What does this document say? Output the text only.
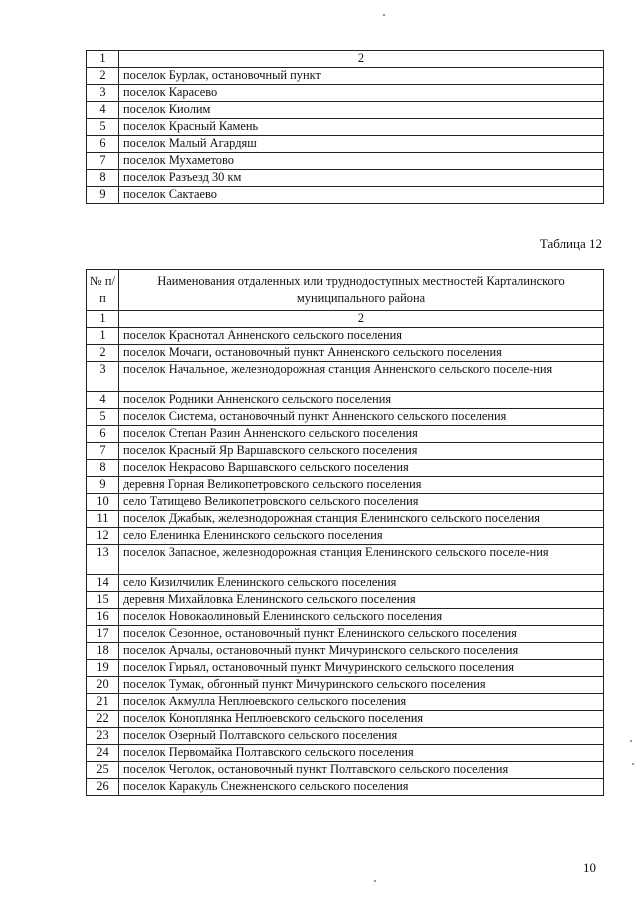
1	2
2	поселок Бурлак, остановочный пункт
3	поселок Карасево
4	поселок Киолим
5	поселок Красный Камень
6	поселок Малый Агардяш
7	поселок Мухаметово
8	поселок Разъезд 30 км
9	поселок Сактаево
Таблица 12
№ п/п	Наименования отдаленных или труднодоступных местностей Карталинского муниципального района
1	2
1	поселок Краснотал Анненского сельского поселения
2	поселок Мочаги, остановочный пункт Анненского сельского поселения
3	поселок Начальное, железнодорожная станция Анненского сельского поселе-ния
4	поселок Родники Анненского сельского поселения
5	поселок Система, остановочный пункт Анненского сельского поселения
6	поселок Степан Разин Анненского сельского поселения
7	поселок Красный Яр Варшавского сельского поселения
8	поселок Некрасово Варшавского сельского поселения
9	деревня Горная Великопетровского сельского поселения
10	село Татищево Великопетровского сельского поселения
11	поселок Джабык, железнодорожная станция Еленинского сельского поселения
12	село Еленинка Еленинского сельского поселения
13	поселок Запасное, железнодорожная станция Еленинского сельского поселе-ния
14	село Кизилчилик Еленинского сельского поселения
15	деревня Михайловка Еленинского сельского поселения
16	поселок Новокаолиновый Еленинского сельского поселения
17	поселок Сезонное, остановочный пункт Еленинского сельского поселения
18	поселок Арчалы, остановочный пункт Мичуринского сельского поселения
19	поселок Гирьял, остановочный пункт Мичуринского сельского поселения
20	поселок Тумак, обгонный пункт Мичуринского сельского поселения
21	поселок Акмулла Неплюевского сельского поселения
22	поселок Коноплянка Неплюевского сельского поселения
23	поселок Озерный Полтавского сельского поселения
24	поселок Первомайка Полтавского сельского поселения
25	поселок Чеголок, остановочный пункт Полтавского сельского поселения
26	поселок Каракуль Снежненского сельского поселения
10
